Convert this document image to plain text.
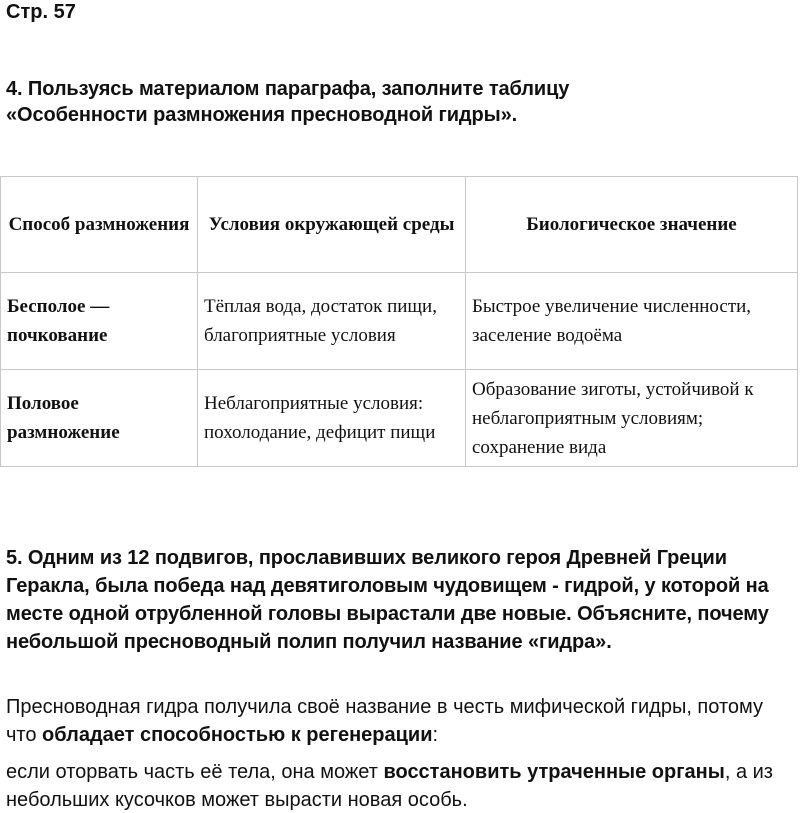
Стр. 57
4. Пользуясь материалом параграфа, заполните таблицу
«Особенности размножения пресноводной гидры».
Способ размножения	Условия окружающей среды	Биологическое значение
Бесполое — почкование	Тёплая вода, достаток пищи, благоприятные условия	Быстрое увеличение численности, заселение водоёма
Половое размножение	Неблагоприятные условия: похолодание, дефицит пищи	Образование зиготы, устойчивой к неблагоприятным условиям; сохранение вида

5. Одним из 12 подвигов, прославивших великого героя Древней Греции Геракла, была победа над девятиголовым чудовищем - гидрой, у которой на месте одной отрубленной головы вырастали две новые. Объясните, почему небольшой пресноводный полип получил название «гидра».

Пресноводная гидра получила своё название в честь мифической гидры, потому что обладает способностью к регенерации:

если оторвать часть её тела, она может восстановить утраченные органы, а из небольших кусочков может вырасти новая особь.
